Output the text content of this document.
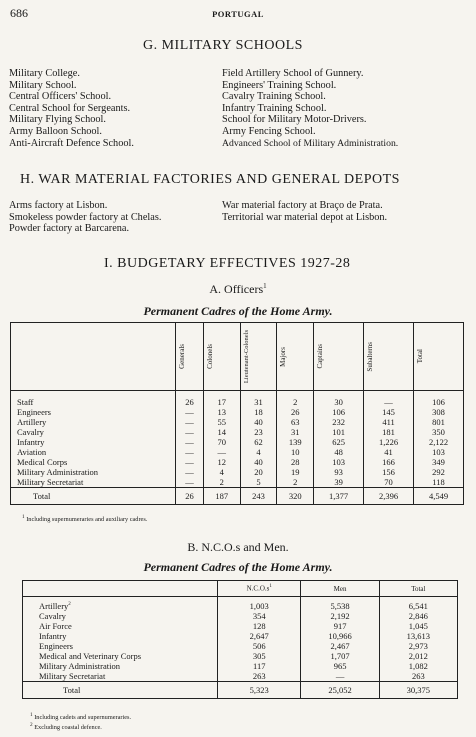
686	PORTUGAL
G. MILITARY SCHOOLS
Military College.
Military School.
Central Officers' School.
Central School for Sergeants.
Military Flying School.
Army Balloon School.
Anti-Aircraft Defence School.
Field Artillery School of Gunnery.
Engineers' Training School.
Cavalry Training School.
Infantry Training School.
School for Military Motor-Drivers.
Army Fencing School.
Advanced School of Military Administration.
H. WAR MATERIAL FACTORIES AND GENERAL DEPOTS
Arms factory at Lisbon.
Smokeless powder factory at Chelas.
Powder factory at Barcarena.
War material factory at Braço de Prata.
Territorial war material depot at Lisbon.
I. BUDGETARY EFFECTIVES 1927-28
A. Officers$^1$
Permanent Cadres of the Home Army.

	Generals	Colonels	Lieutenant-Colonels	Majors	Captains	Subalterns	Total

Staff	26	17	31	2	30	—	106
Engineers	—	13	18	26	106	145	308
Artillery	—	55	40	63	232	411	801
Cavalry	—	14	23	31	101	181	350
Infantry	—	70	62	139	625	1,226	2,122
Aviation	—	—	4	10	48	41	103
Medical Corps	—	12	40	28	103	166	349
Military Administration	—	4	20	19	93	156	292
Military Secretariat	—	2	5	2	39	70	118
Total	26	187	243	320	1,377	2,396	4,549
$^1$ Including supernumeraries and auxiliary cadres.
B. N.C.O.s and Men.
Permanent Cadres of the Home Army.
	$N.C.O.s^1$	Men	Total
Artillery$^2$	1,003	5,538	6,541
Cavalry	354	2,192	2,846
Air Force	128	917	1,045
Infantry	2,647	10,966	13,613
Engineers	506	2,467	2,973
Medical and Veterinary Corps	305	1,707	2,012
Military Administration	117	965	1,082
Military Secretariat	263	—	263
Total	5,323	25,052	30,375
$^1$ Including cadets and supernumeraries.
$^2$ Excluding coastal defence.
